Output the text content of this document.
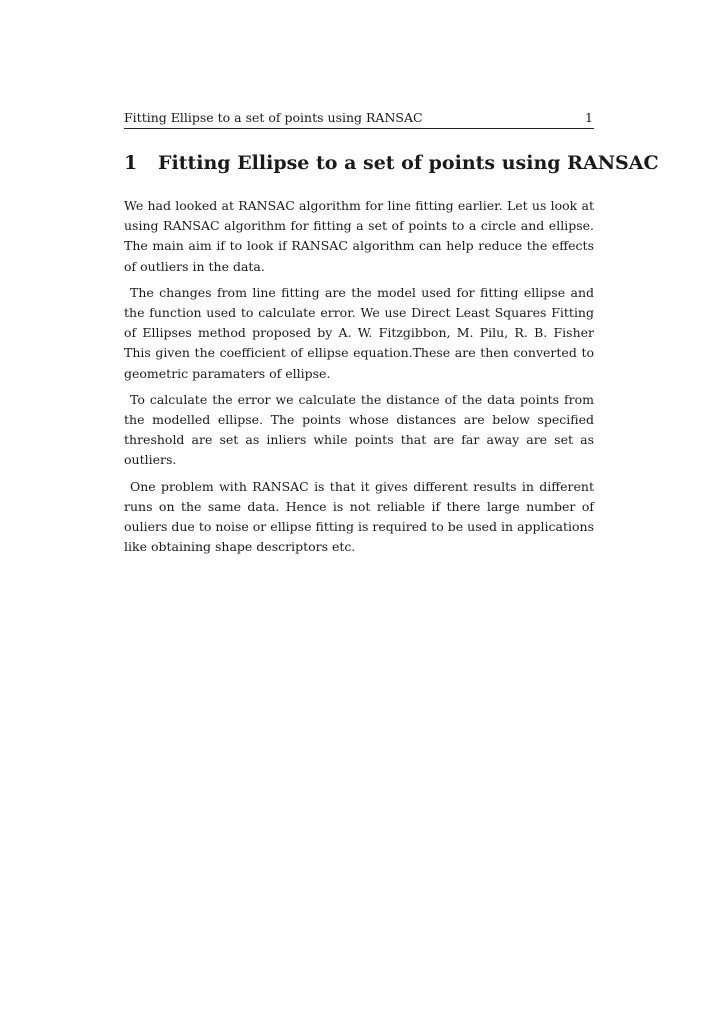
Fitting Ellipse to a set of points using RANSAC	1
1 Fitting Ellipse to a set of points using RANSAC

We had looked at RANSAC algorithm for line fitting earlier. Let us look at using RANSAC algorithm for fitting a set of points to a circle and ellipse. The main aim if to look if RANSAC algorithm can help reduce the effects of outliers in the data.

The changes from line fitting are the model used for fitting ellipse and the function used to calculate error. We use Direct Least Squares Fitting of Ellipses method proposed by A. W. Fitzgibbon, M. Pilu, R. B. Fisher This given the coefficient of ellipse equation.These are then converted to geometric paramaters of ellipse.

To calculate the error we calculate the distance of the data points from the modelled ellipse. The points whose distances are below specified threshold are set as inliers while points that are far away are set as outliers.

One problem with RANSAC is that it gives different results in different runs on the same data. Hence is not reliable if there large number of ouliers due to noise or ellipse fitting is required to be used in applications like obtaining shape descriptors etc.
